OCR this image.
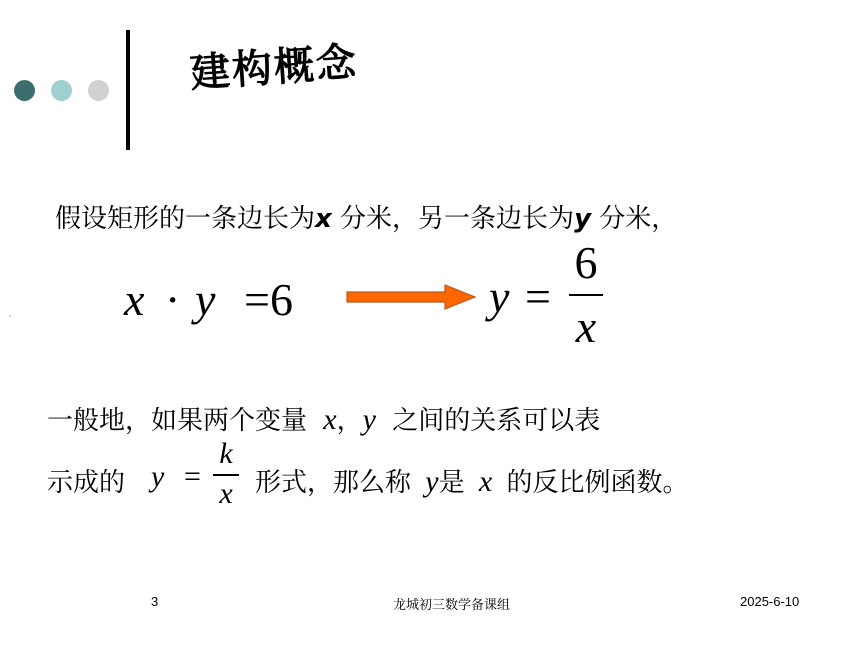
建构概念
假设矩形的一条边长为x 分米，另一条边长为y 分米，
, x · y =6	y =
6
x
一般地，如果两个变量 x，y 之间的关系可以表
示成的 y =
k
x 形式，那么称 y是 x 的反比例函数。
3	龙城初三数学备课组	2025-6-10
